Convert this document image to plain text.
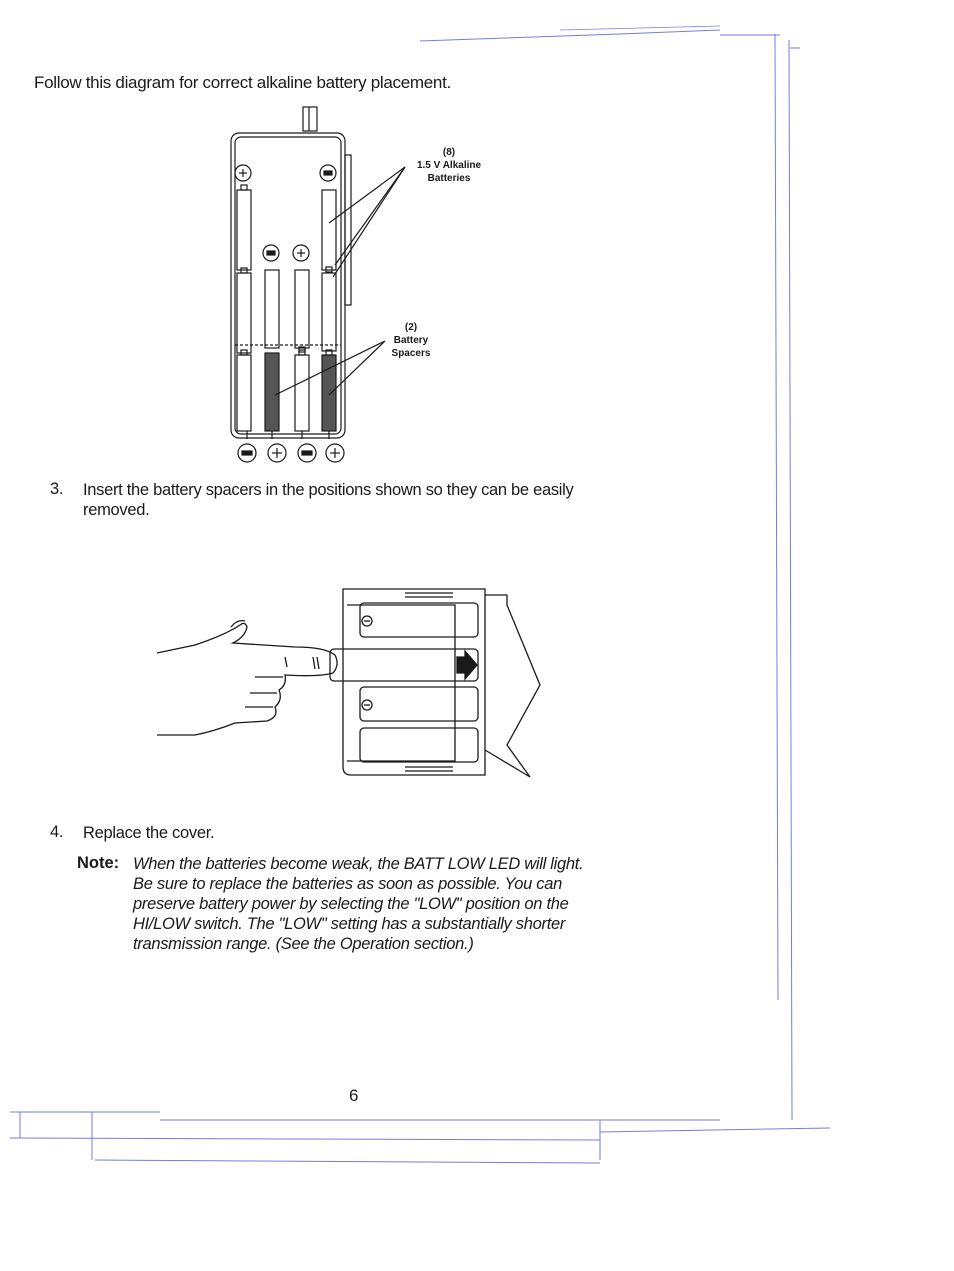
Follow this diagram for correct alkaline battery placement.
(8)
1.5 V Alkaline
Batteries
(2)
Battery
Spacers
3. Insert the battery spacers in the positions shown so they can be easily
removed.
4. Replace the cover.
Note: When the batteries become weak, the BATT LOW LED will light.
Be sure to replace the batteries as soon as possible. You can
preserve battery power by selecting the "LOW" position on the
HI/LOW switch. The "LOW" setting has a substantially shorter
transmission range. (See the Operation section.)
6
